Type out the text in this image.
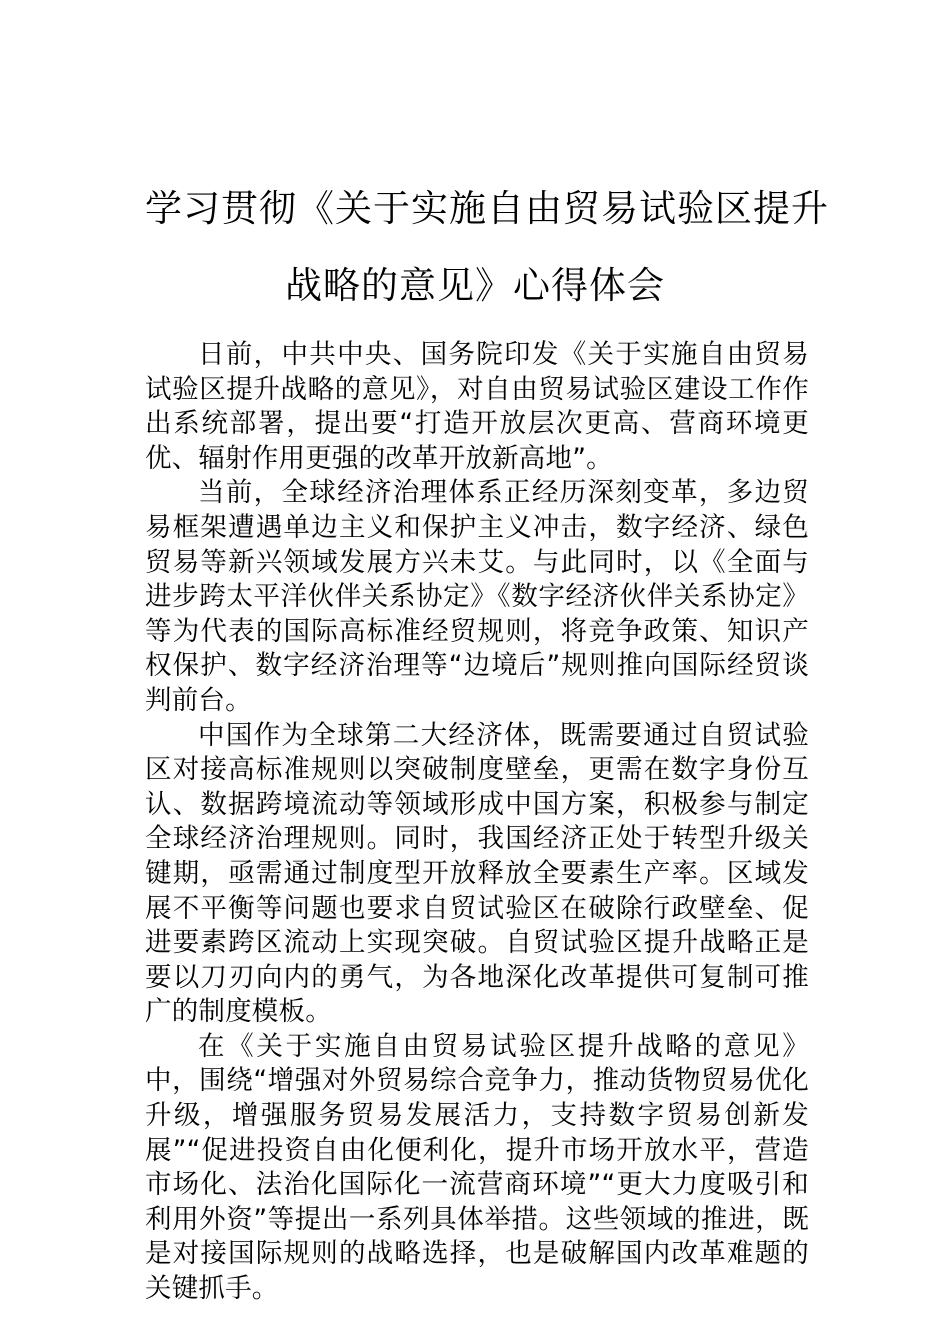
学习贯彻《关于实施自由贸易试验区提升
战略的意见》心得体会

日前，中共中央、国务院印发《关于实施自由贸易试验区提升战略的意见》，对自由贸易试验区建设工作作出系统部署，提出要“打造开放层次更高、营商环境更优、辐射作用更强的改革开放新高地”。

当前，全球经济治理体系正经历深刻变革，多边贸易框架遭遇单边主义和保护主义冲击，数字经济、绿色贸易等新兴领域发展方兴未艾。与此同时，以《全面与进步跨太平洋伙伴关系协定》《数字经济伙伴关系协定》等为代表的国际高标准经贸规则，将竞争政策、知识产权保护、数字经济治理等“边境后”规则推向国际经贸谈判前台。

中国作为全球第二大经济体，既需要通过自贸试验区对接高标准规则以突破制度壁垒，更需在数字身份互认、数据跨境流动等领域形成中国方案，积极参与制定全球经济治理规则。同时，我国经济正处于转型升级关键期，亟需通过制度型开放释放全要素生产率。区域发展不平衡等问题也要求自贸试验区在破除行政壁垒、促进要素跨区流动上实现突破。自贸试验区提升战略正是要以刀刃向内的勇气，为各地深化改革提供可复制可推广的制度模板。

在《关于实施自由贸易试验区提升战略的意见》中，围绕“增强对外贸易综合竞争力，推动货物贸易优化升级，增强服务贸易发展活力，支持数字贸易创新发展”“促进投资自由化便利化，提升市场开放水平，营造市场化、法治化国际化一流营商环境”“更大力度吸引和利用外资”等提出一系列具体举措。这些领域的推进，既是对接国际规则的战略选择，也是破解国内改革难题的关键抓手。
